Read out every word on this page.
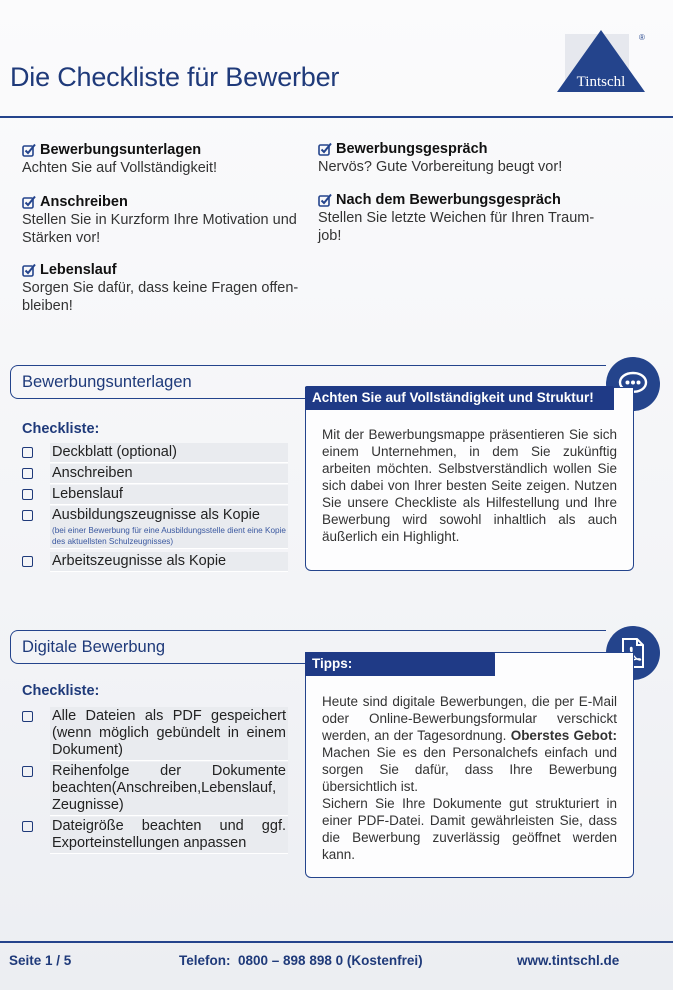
Die Checkliste für Bewerber	Tintschl
®
Bewerbungsunterlagen
Achten Sie auf Vollständigkeit!
Anschreiben
Stellen Sie in Kurzform Ihre Motivation und Stärken vor!
Lebenslauf
Sorgen Sie dafür, dass keine Fragen offen-bleiben!
Bewerbungsgespräch
Nervös? Gute Vorbereitung beugt vor!
Nach dem Bewerbungsgespräch
Stellen Sie letzte Weichen für Ihren Traum-job!
Bewerbungsunterlagen
Checkliste:
Deckblatt (optional)
Anschreiben
Lebenslauf
Ausbildungszeugnisse als Kopie
(bei einer Bewerbung für eine Ausbildungsstelle dient eine Kopie des aktuellsten Schulzeugnisses)
Arbeitszeugnisse als Kopie
Achten Sie auf Vollständigkeit und Struktur!
Mit der Bewerbungsmappe präsentieren Sie sich einem Unternehmen, in dem Sie zukünftig arbeiten möchten. Selbstverständlich wollen Sie sich dabei von Ihrer besten Seite zeigen. Nutzen Sie unsere Checkliste als Hilfestellung und Ihre Bewerbung wird sowohl inhaltlich als auch äußerlich ein Highlight.
Digitale Bewerbung
Checkliste:
Alle Dateien als PDF gespeichert (wenn möglich gebündelt in einem Dokument)
Reihenfolge der Dokumente beachten(Anschreiben,Lebenslauf, Zeugnisse)
Dateigröße beachten und ggf. Exporteinstellungen anpassen
Tipps:
Heute sind digitale Bewerbungen, die per E-Mail oder Online-Bewerbungsformular verschickt werden, an der Tagesordnung. Oberstes Gebot: Machen Sie es den Personalchefs einfach und sorgen Sie dafür, dass Ihre Bewerbung übersichtlich ist.
Sichern Sie Ihre Dokumente gut strukturiert in einer PDF-Datei. Damit gewährleisten Sie, dass die Bewerbung zuverlässig geöffnet werden kann.
Seite 1 / 5	Telefon:  0800 – 898 898 0 (Kostenfrei)	www.tintschl.de
